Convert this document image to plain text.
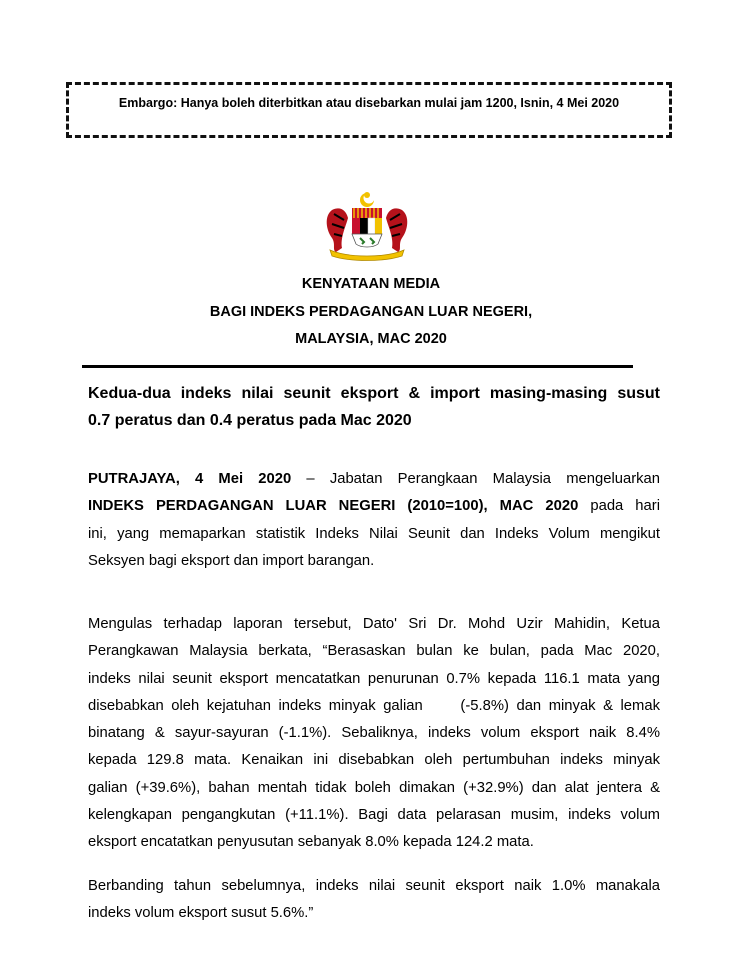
Embargo: Hanya boleh diterbitkan atau disebarkan mulai jam 1200, Isnin, 4 Mei 2020
KENYATAAN MEDIA
BAGI INDEKS PERDAGANGAN LUAR NEGERI,
MALAYSIA, MAC 2020
Kedua-dua indeks nilai seunit eksport & import masing-masing susut
0.7 peratus dan 0.4 peratus pada Mac 2020
PUTRAJAYA, 4 Mei 2020 – Jabatan Perangkaan Malaysia mengeluarkan
INDEKS PERDAGANGAN LUAR NEGERI (2010=100), MAC 2020 pada hari
ini, yang memaparkan statistik Indeks Nilai Seunit dan Indeks Volum mengikut
Seksyen bagi eksport dan import barangan.
Mengulas terhadap laporan tersebut, Dato' Sri Dr. Mohd Uzir Mahidin, Ketua
Perangkawan Malaysia berkata, “Berasaskan bulan ke bulan, pada Mac 2020,
indeks nilai seunit eksport mencatatkan penurunan 0.7% kepada 116.1 mata yang
disebabkan oleh kejatuhan indeks minyak galian     (-5.8%) dan minyak & lemak
binatang & sayur-sayuran (-1.1%). Sebaliknya, indeks volum eksport naik 8.4%
kepada 129.8 mata. Kenaikan ini disebabkan oleh pertumbuhan indeks minyak
galian (+39.6%), bahan mentah tidak boleh dimakan (+32.9%) dan alat jentera &
kelengkapan pengangkutan (+11.1%). Bagi data pelarasan musim, indeks volum
eksport encatatkan penyusutan sebanyak 8.0% kepada 124.2 mata.
Berbanding tahun sebelumnya, indeks nilai seunit eksport naik 1.0% manakala
indeks volum eksport susut 5.6%.”
